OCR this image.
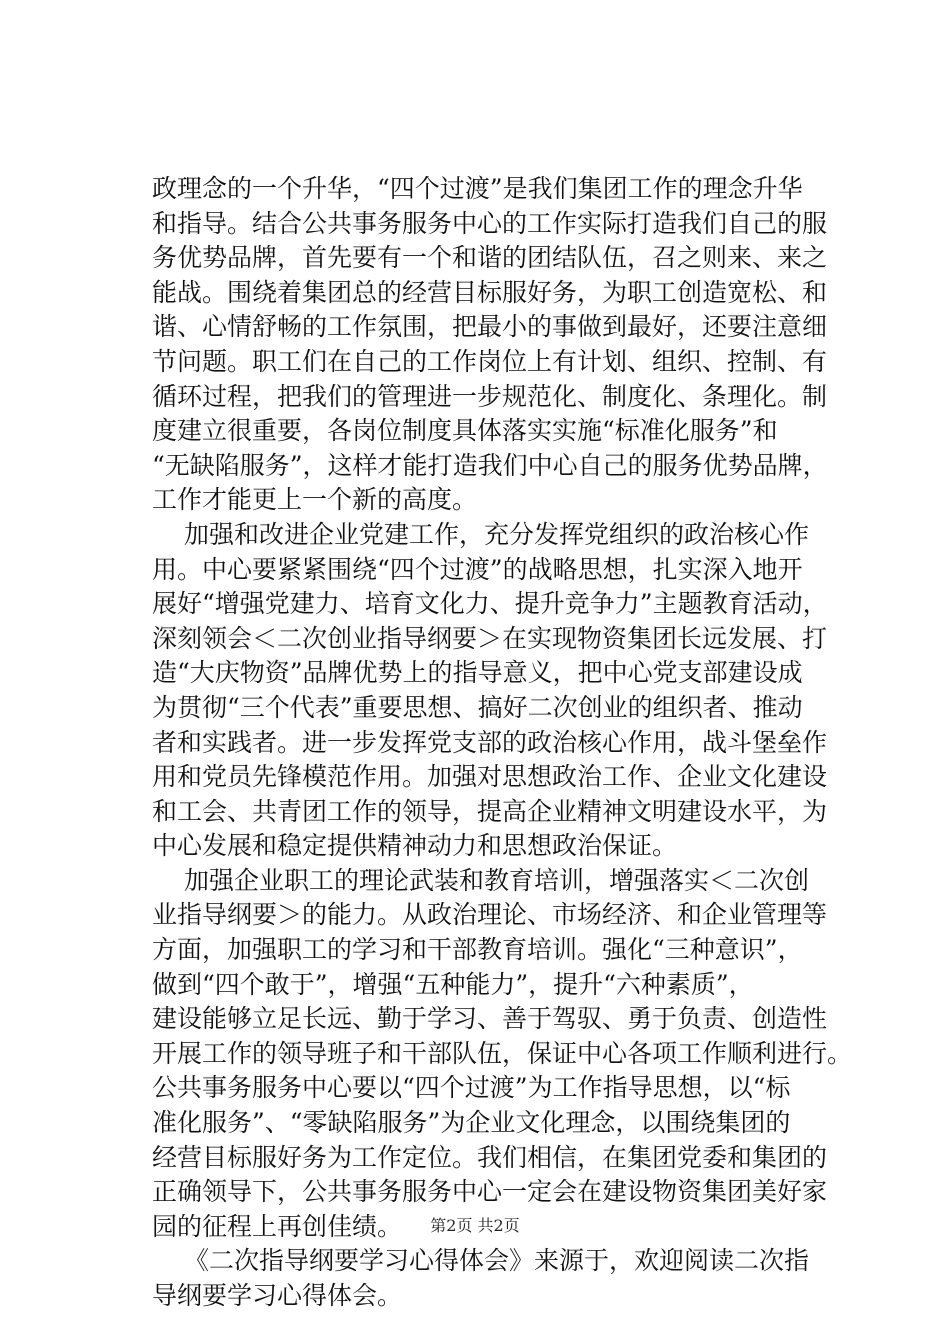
政理念的一个升华，“四个过渡”是我们集团工作的理念升华
和指导。结合公共事务服务中心的工作实际打造我们自己的服
务优势品牌，首先要有一个和谐的团结队伍，召之则来、来之
能战。围绕着集团总的经营目标服好务，为职工创造宽松、和
谐、心情舒畅的工作氛围，把最小的事做到最好，还要注意细
节问题。职工们在自己的工作岗位上有计划、组织、控制、有
循环过程，把我们的管理进一步规范化、制度化、条理化。制
度建立很重要，各岗位制度具体落实实施“标准化服务”和
“无缺陷服务”，这样才能打造我们中心自己的服务优势品牌，
工作才能更上一个新的高度。
加强和改进企业党建工作，充分发挥党组织的政治核心作
用。中心要紧紧围绕“四个过渡”的战略思想，扎实深入地开
展好“增强党建力、培育文化力、提升竞争力”主题教育活动，
深刻领会＜二次创业指导纲要＞在实现物资集团长远发展、打
造“大庆物资”品牌优势上的指导意义，把中心党支部建设成
为贯彻“三个代表”重要思想、搞好二次创业的组织者、推动
者和实践者。进一步发挥党支部的政治核心作用，战斗堡垒作
用和党员先锋模范作用。加强对思想政治工作、企业文化建设
和工会、共青团工作的领导，提高企业精神文明建设水平，为
中心发展和稳定提供精神动力和思想政治保证。
加强企业职工的理论武装和教育培训，增强落实＜二次创
业指导纲要＞的能力。从政治理论、市场经济、和企业管理等
方面，加强职工的学习和干部教育培训。强化“三种意识”，
做到“四个敢于”，增强“五种能力”，提升“六种素质”，
建设能够立足长远、勤于学习、善于驾驭、勇于负责、创造性
开展工作的领导班子和干部队伍，保证中心各项工作顺利进行。
公共事务服务中心要以“四个过渡”为工作指导思想，以“标
准化服务”、“零缺陷服务”为企业文化理念，以围绕集团的
经营目标服好务为工作定位。我们相信，在集团党委和集团的
正确领导下，公共事务服务中心一定会在建设物资集团美好家
园的征程上再创佳绩。
《二次指导纲要学习心得体会》来源于，欢迎阅读二次指
导纲要学习心得体会。
第2页 共2页
